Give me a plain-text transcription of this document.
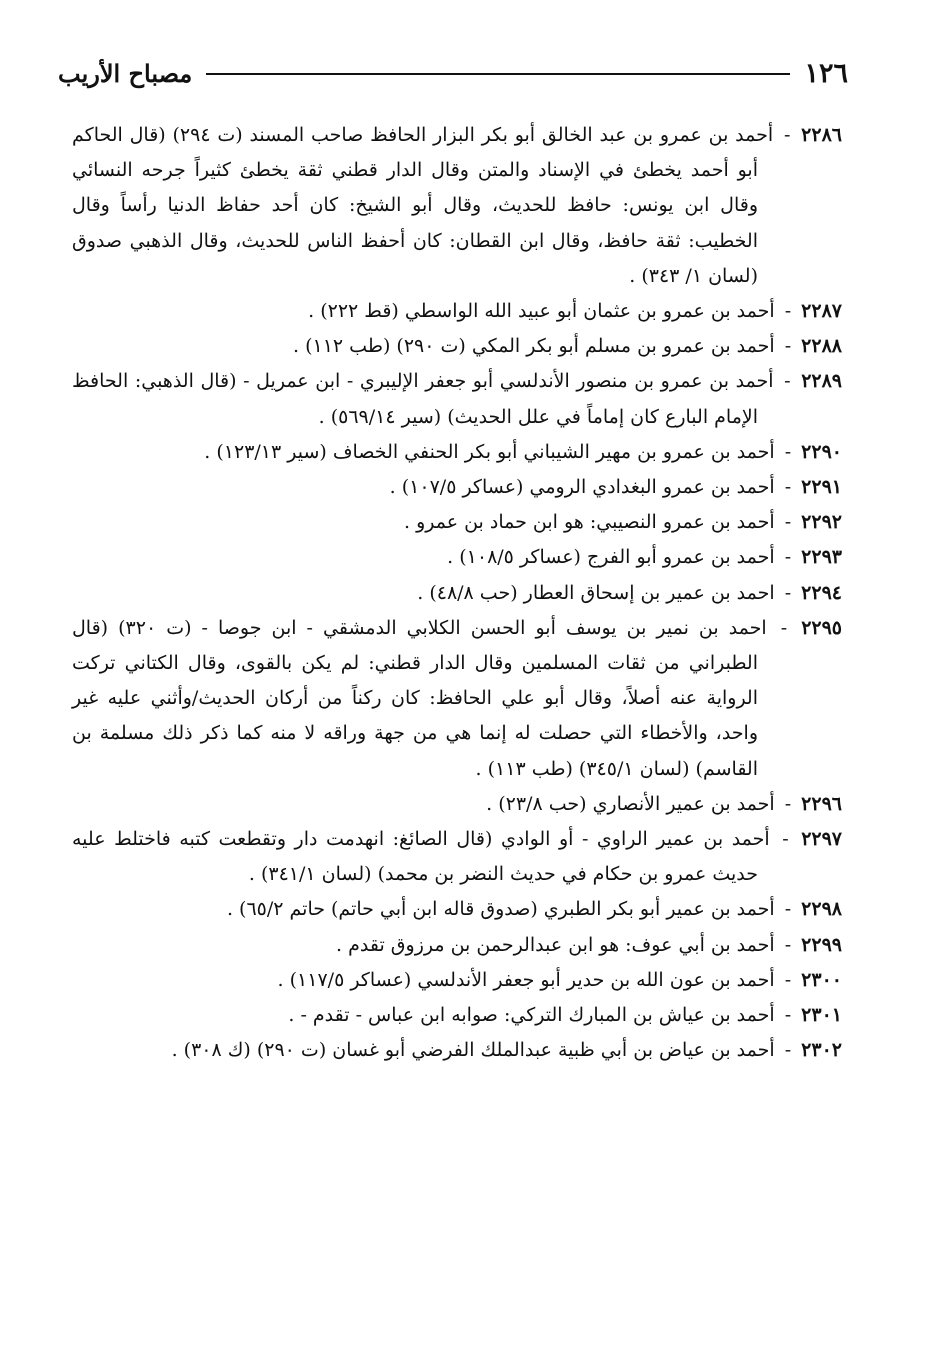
١٢٦
مصباح الأريب

٢٢٨٦ - أحمد بن عمرو بن عبد الخالق أبو بكر البزار الحافظ صاحب المسند (ت ٢٩٤) (قال الحاكم أبو أحمد يخطئ في الإسناد والمتن وقال الدار قطني ثقة يخطئ كثيراً جرحه النسائي وقال ابن يونس: حافظ للحديث، وقال أبو الشيخ: كان أحد حفاظ الدنيا رأساً وقال الخطيب: ثقة حافظ، وقال ابن القطان: كان أحفظ الناس للحديث، وقال الذهبي صدوق (لسان ١/ ٣٤٣) .

٢٢٨٧ - أحمد بن عمرو بن عثمان أبو عبيد الله الواسطي (قط ٢٢٢) .

٢٢٨٨ - أحمد بن عمرو بن مسلم أبو بكر المكي (ت ٢٩٠) (طب ١١٢) .

٢٢٨٩ - أحمد بن عمرو بن منصور الأندلسي أبو جعفر الإليبري - ابن عمريل - (قال الذهبي: الحافظ الإمام البارع كان إماماً في علل الحديث) (سير ٥٦٩/١٤) .

٢٢٩٠ - أحمد بن عمرو بن مهير الشيباني أبو بكر الحنفي الخصاف (سير ١٢٣/١٣) .

٢٢٩١ - أحمد بن عمرو البغدادي الرومي (عساكر ١٠٧/٥) .

٢٢٩٢ - أحمد بن عمرو النصيبي: هو ابن حماد بن عمرو .

٢٢٩٣ - أحمد بن عمرو أبو الفرج (عساكر ١٠٨/٥) .

٢٢٩٤ - احمد بن عمير بن إسحاق العطار (حب ٤٨/٨) .

٢٢٩٥ - احمد بن نمير بن يوسف أبو الحسن الكلابي الدمشقي - ابن جوصا - (ت ٣٢٠) (قال الطبراني من ثقات المسلمين وقال الدار قطني: لم يكن بالقوى، وقال الكتاني تركت الرواية عنه أصلاً، وقال أبو علي الحافظ: كان ركناً من أركان الحديث/وأثني عليه غير واحد، والأخطاء التي حصلت له إنما هي من جهة وراقه لا منه كما ذكر ذلك مسلمة بن القاسم) (لسان ٣٤٥/١) (طب ١١٣) .

٢٢٩٦ - أحمد بن عمير الأنصاري (حب ٢٣/٨) .

٢٢٩٧ - أحمد بن عمير الراوي - أو الوادي (قال الصائغ: انهدمت دار وتقطعت كتبه فاختلط عليه حديث عمرو بن حكام في حديث النضر بن محمد) (لسان ٣٤١/١) .

٢٢٩٨ - أحمد بن عمير أبو بكر الطبري (صدوق قاله ابن أبي حاتم) حاتم ٦٥/٢) .

٢٢٩٩ - أحمد بن أبي عوف: هو ابن عبدالرحمن بن مرزوق تقدم .

٢٣٠٠ - أحمد بن عون الله بن حدير أبو جعفر الأندلسي (عساكر ١١٧/٥) .

٢٣٠١ - أحمد بن عياش بن المبارك التركي: صوابه ابن عباس - تقدم - .

٢٣٠٢ - أحمد بن عياض بن أبي ظبية عبدالملك الفرضي أبو غسان (ت ٢٩٠) (ك ٣٠٨) .
